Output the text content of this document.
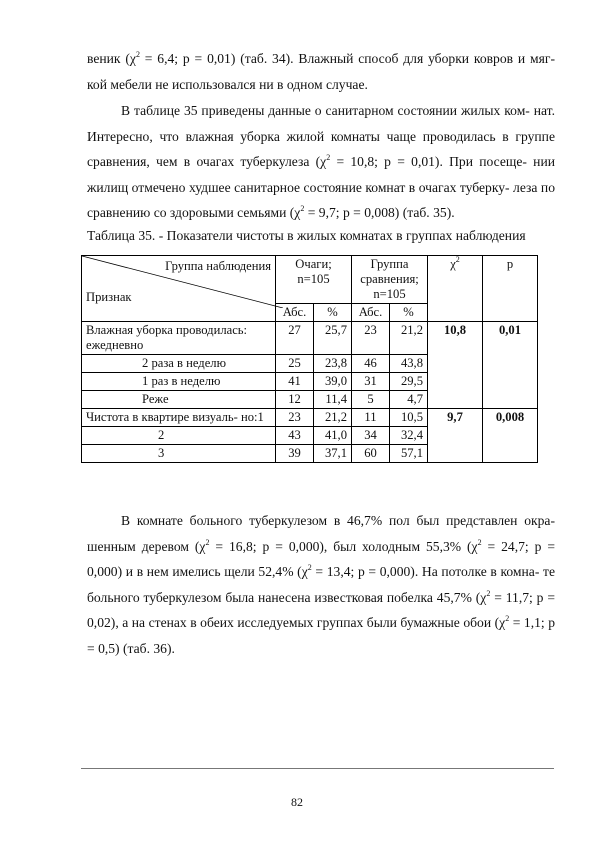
веник ($\chi^2 = 6,4$; р = 0,01) (таб. 34). Влажный способ для уборки ковров и мяг- кой мебели не использовался ни в одном случае.
В таблице 35 приведены данные о санитарном состоянии жилых ком- нат. Интересно, что влажная уборка жилой комнаты чаще проводилась в группе сравнения, чем в очагах туберкулеза ($\chi^2 = 10,8$; р = 0,01). При посеще- нии жилищ отмечено худшее санитарное состояние комнат в очагах туберку- леза по сравнению со здоровыми семьями ($\chi^2 = 9,7$; р = 0,008) (таб. 35).
Таблица 35. - Показатели чистоты в жилых комнатах в группах наблюдения
Группа наблюдения
Признак	Очаги; n=105		Группа сравнения; n=105		$\chi^2$	р
	Абс.	%	Абс.	%		
Влажная уборка проводилась: ежедневно	27	25,7	23	21,2	10,8	0,01
2 раза в неделю	25	23,8	46	43,8		
1 раз в неделю	41	39,0	31	29,5		
Реже	12	11,4	5	4,7		
Чистота в квартире визуаль- но:1	23	21,2	11	10,5	9,7	0,008
2	43	41,0	34	32,4		
3	39	37,1	60	57,1		
В комнате больного туберкулезом в 46,7% пол был представлен окра- шенным деревом ($\chi^2 = 16,8$; р = 0,000), был холодным 55,3% ($\chi^2 = 24,7$; р = 0,000) и в нем имелись щели 52,4% ($\chi^2 = 13,4$; р = 0,000). На потолке в комна- те больного туберкулезом была нанесена известковая побелка 45,7% ($\chi^2 = 11,7$; р = 0,02), а на стенах в обеих исследуемых группах были бумажные обои ($\chi^2 = 1,1$; р = 0,5) (таб. 36).
82
